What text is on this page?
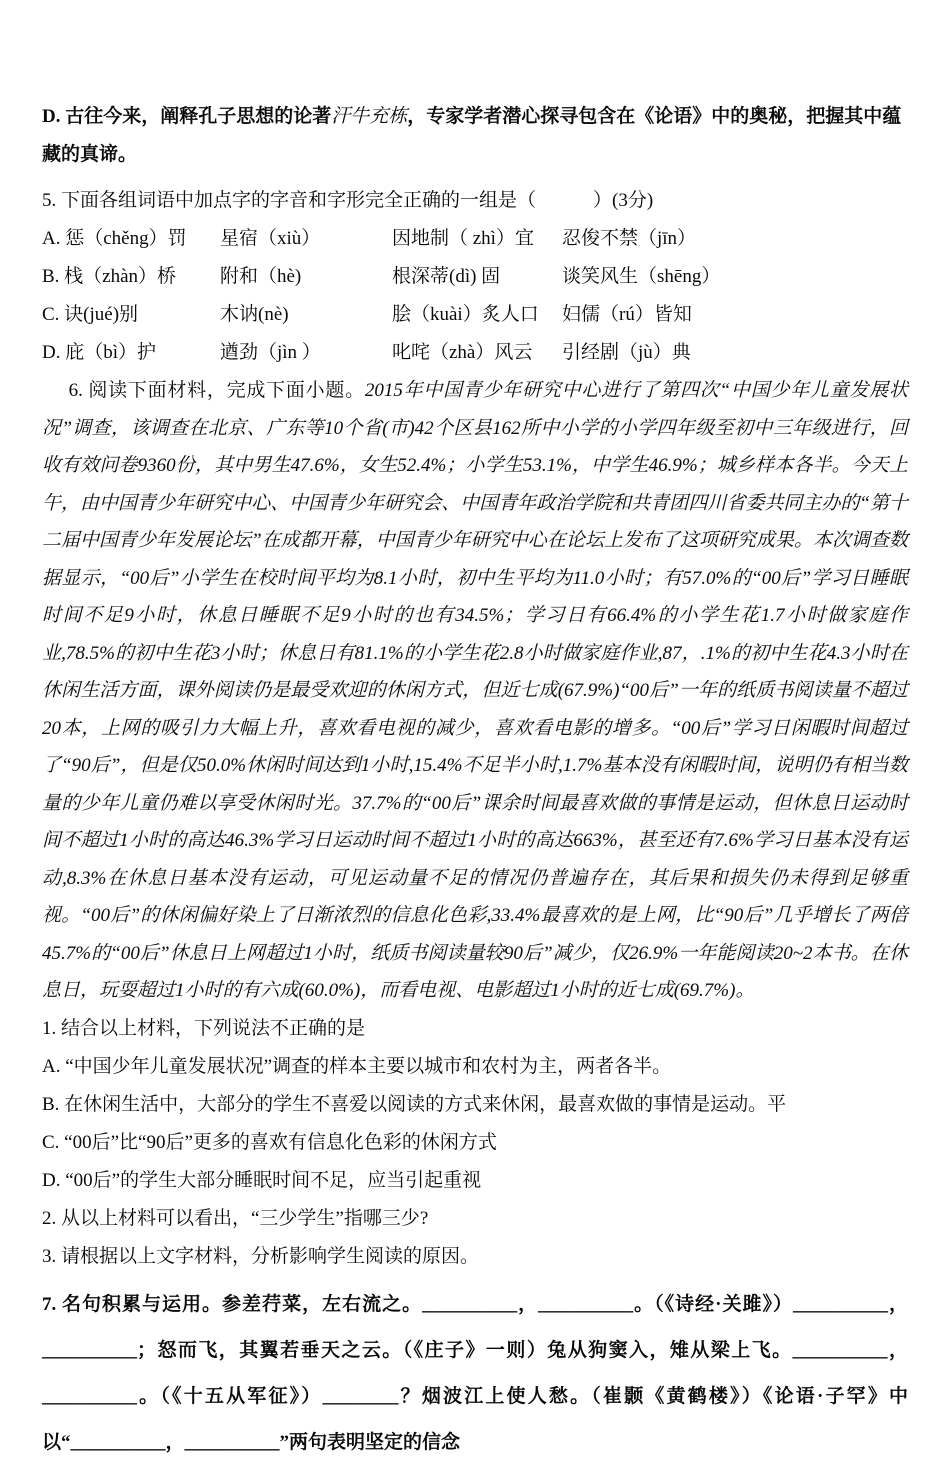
D. 古往今来，阐释孔子思想的论著汗牛充栋，专家学者潜心探寻包含在《论语》中的奥秘，把握其中蕴藏的真谛。
5. 下面各组词语中加点字的字音和字形完全正确的一组是（　　　）(3分)
A. 惩（chěng）罚	星宿（xiù）	因地制（ zhì）宜	忍俊不禁（jīn）
B. 栈（zhàn）桥	附和（hè)	根深蒂(dì) 固	谈笑风生（shēng）
C. 诀(jué)别	木讷(nè)	脍（kuài）炙人口	妇儒（rú）皆知
D. 庇（bì）护	遒劲（jìn ）	叱咤（zhà）风云	引经剧（jù）典

6. 阅读下面材料，完成下面小题。2015年中国青少年研究中心进行了第四次“中国少年儿童发展状况”调查，该调查在北京、广东等10个省(市)42个区县162所中小学的小学四年级至初中三年级进行，回收有效问卷9360份，其中男生47.6%，女生52.4%；小学生53.1%，中学生46.9%；城乡样本各半。今天上午，由中国青少年研究中心、中国青少年研究会、中国青年政治学院和共青团四川省委共同主办的“第十二届中国青少年发展论坛”在成都开幕，中国青少年研究中心在论坛上发布了这项研究成果。本次调查数据显示，“00后”小学生在校时间平均为8.1小时，初中生平均为11.0小时；有57.0%的“00后”学习日睡眠时间不足9小时，休息日睡眠不足9小时的也有34.5%；学习日有66.4%的小学生花1.7小时做家庭作业,78.5%的初中生花3小时；休息日有81.1%的小学生花2.8小时做家庭作业,87，.1%的初中生花4.3小时在休闲生活方面，课外阅读仍是最受欢迎的休闲方式，但近七成(67.9%)“00后”一年的纸质书阅读量不超过20本，上网的吸引力大幅上升，喜欢看电视的减少，喜欢看电影的增多。“00后”学习日闲暇时间超过了“90后”，但是仅50.0%休闲时间达到1小时,15.4%不足半小时,1.7%基本没有闲暇时间，说明仍有相当数量的少年儿童仍难以享受休闲时光。37.7%的“00后”课余时间最喜欢做的事情是运动，但休息日运动时间不超过1小时的高达46.3%学习日运动时间不超过1小时的高达663%，甚至还有7.6%学习日基本没有运动,8.3%在休息日基本没有运动，可见运动量不足的情况仍普遍存在，其后果和损失仍未得到足够重视。“00后”的休闲偏好染上了日渐浓烈的信息化色彩,33.4%最喜欢的是上网，比“90后”几乎增长了两倍45.7%的“00后”休息日上网超过1小时，纸质书阅读量较90后”减少，仅26.9%一年能阅读20~2本书。在休息日，玩耍超过1小时的有六成(60.0%)，而看电视、电影超过1小时的近七成(69.7%)。

1. 结合以上材料，下列说法不正确的是
A. “中国少年儿童发展状况”调查的样本主要以城市和农村为主，两者各半。
B. 在休闲生活中，大部分的学生不喜爱以阅读的方式来休闲，最喜欢做的事情是运动。平
C. “00后”比“90后”更多的喜欢有信息化色彩的休闲方式
D. “00后”的学生大部分睡眠时间不足，应当引起重视
2. 从以上材料可以看出，“三少学生”指哪三少?
3. 请根据以上文字材料，分析影响学生阅读的原因。

7. 名句积累与运用。参差荇菜，左右流之。__________，__________。（《诗经·关雎》）__________，__________；怒而飞，其翼若垂天之云。（《庄子》一则）兔从狗窦入，雉从梁上飞。__________，__________。（《十五从军征》）________？烟波江上使人愁。（崔颢《黄鹤楼》）《论语·子罕》中以“__________，__________”两句表明坚定的信念
